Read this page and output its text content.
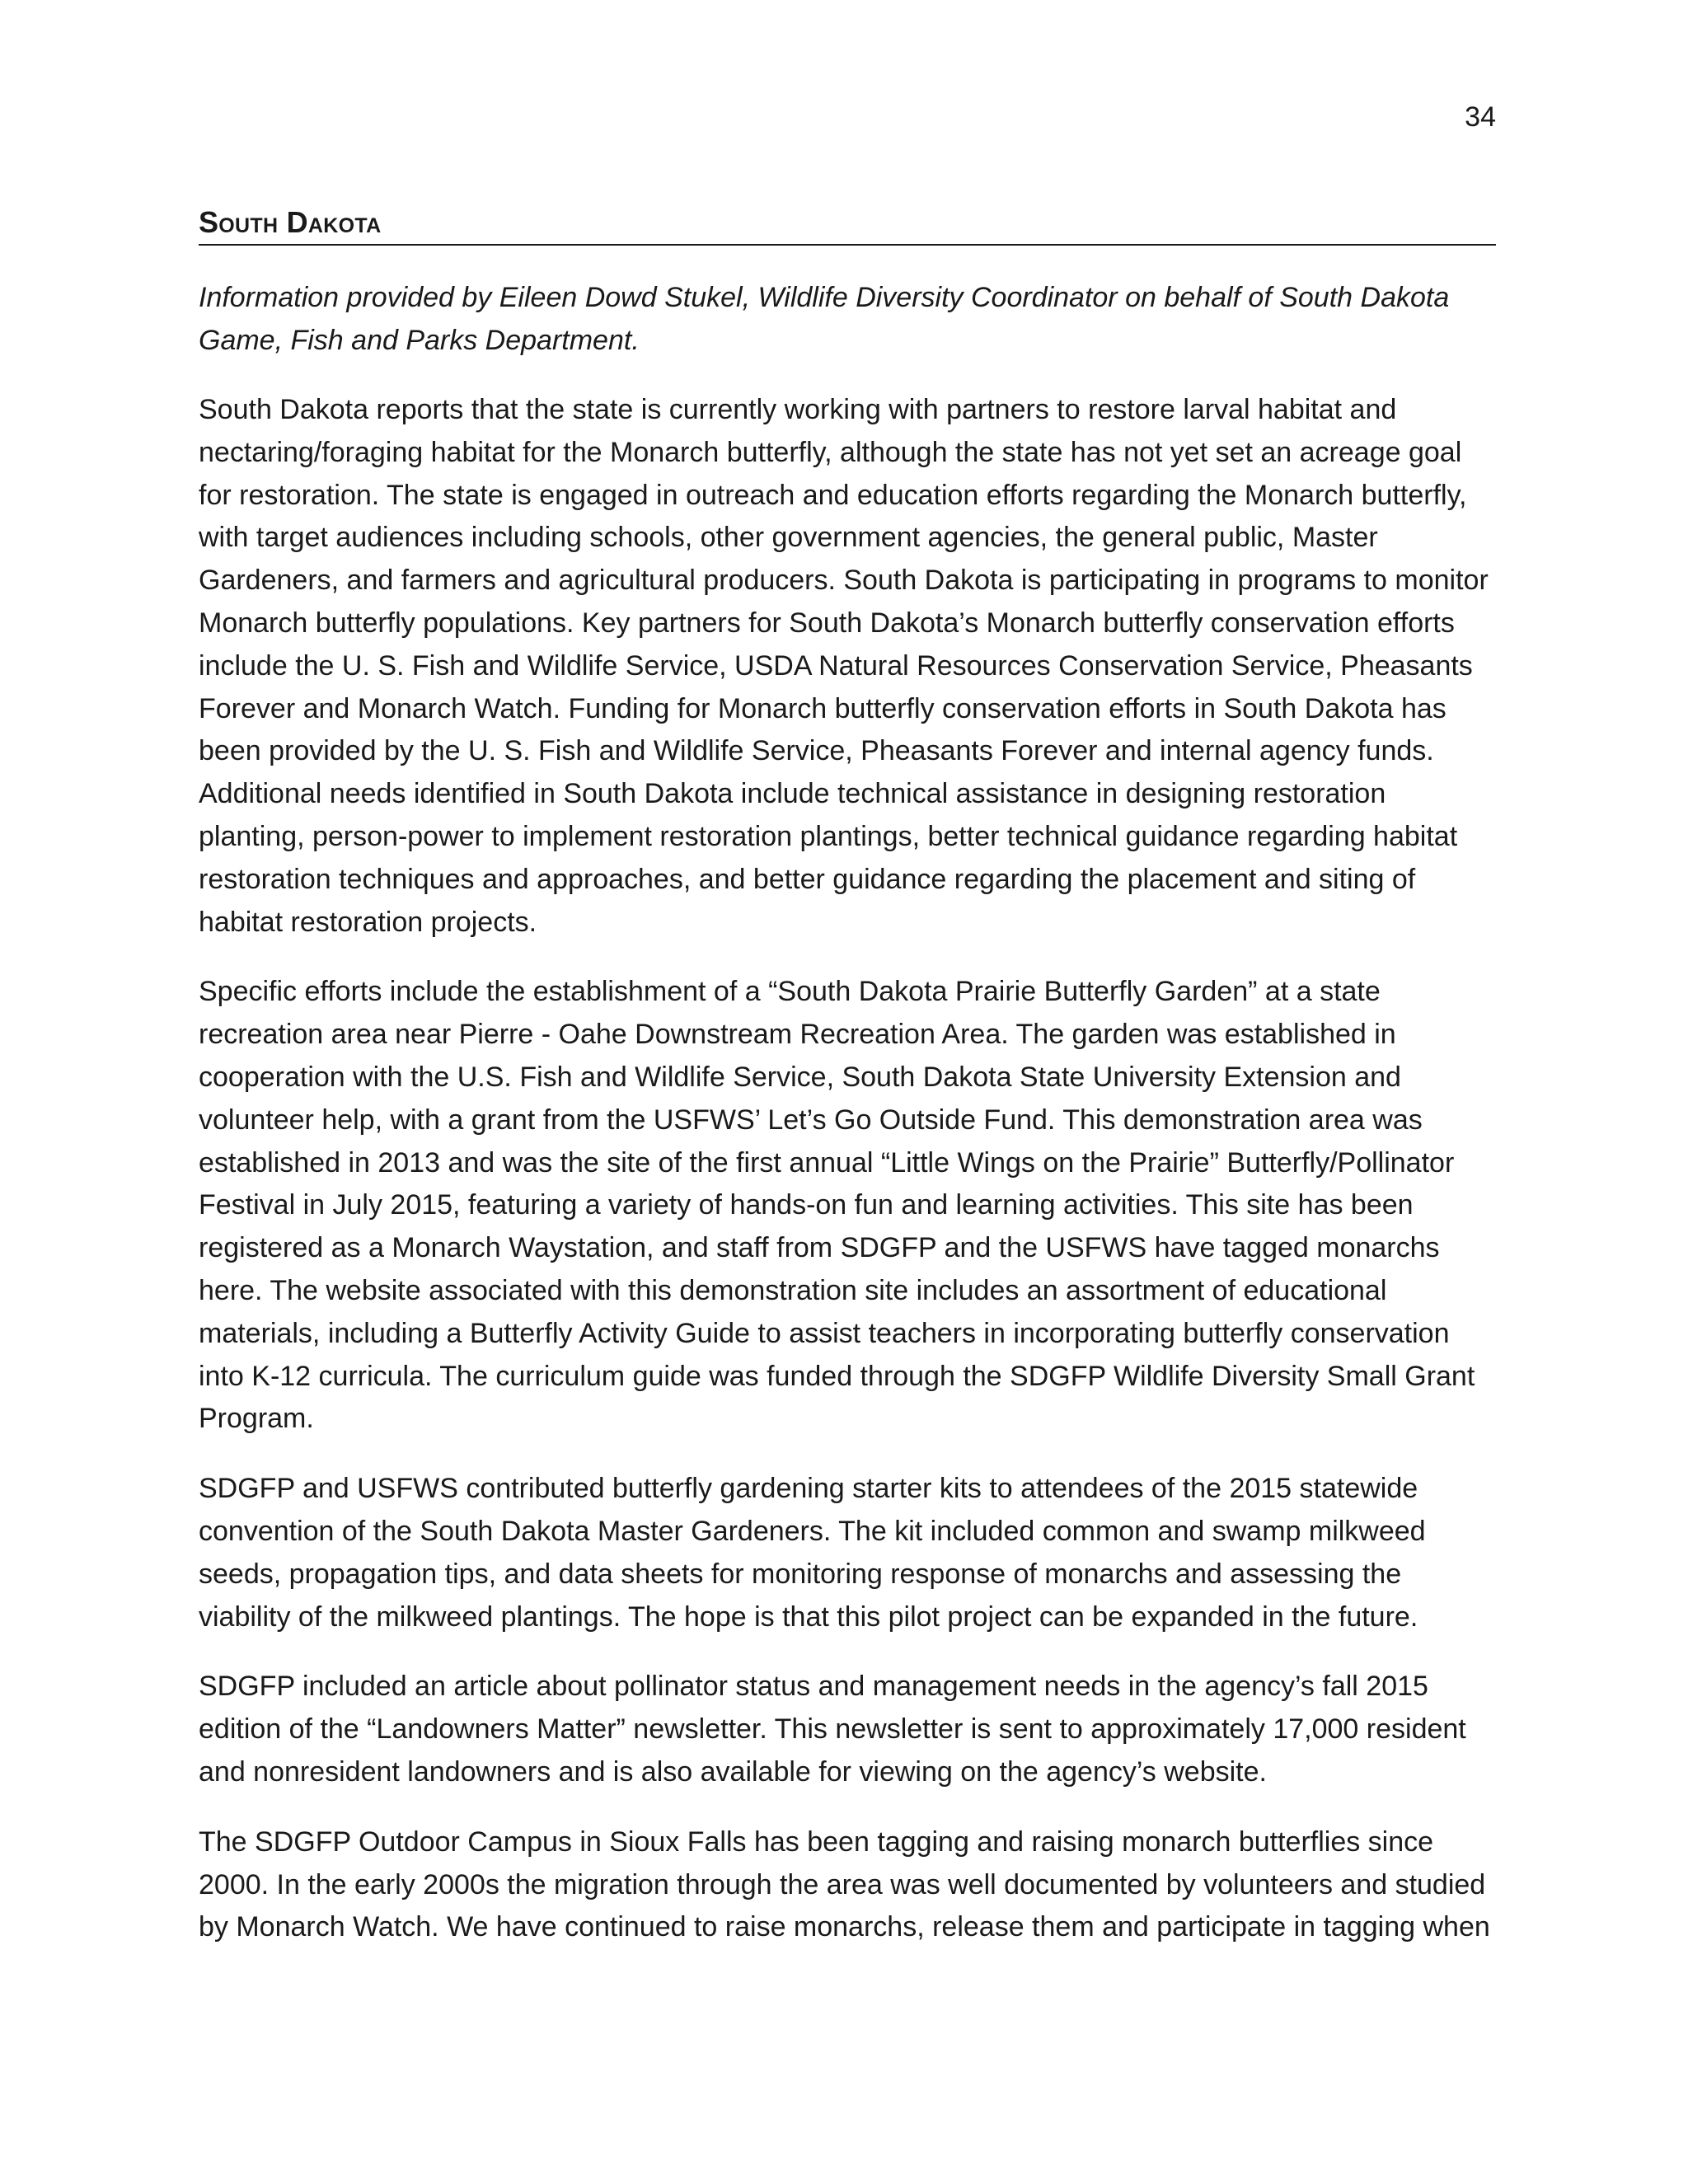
34
South Dakota

Information provided by Eileen Dowd Stukel, Wildlife Diversity Coordinator on behalf of South Dakota Game, Fish and Parks Department.

South Dakota reports that the state is currently working with partners to restore larval habitat and nectaring/foraging habitat for the Monarch butterfly, although the state has not yet set an acreage goal for restoration. The state is engaged in outreach and education efforts regarding the Monarch butterfly, with target audiences including schools, other government agencies, the general public, Master Gardeners, and farmers and agricultural producers. South Dakota is participating in programs to monitor Monarch butterfly populations. Key partners for South Dakota’s Monarch butterfly conservation efforts include the U. S. Fish and Wildlife Service, USDA Natural Resources Conservation Service, Pheasants Forever and Monarch Watch. Funding for Monarch butterfly conservation efforts in South Dakota has been provided by the U. S. Fish and Wildlife Service, Pheasants Forever and internal agency funds. Additional needs identified in South Dakota include technical assistance in designing restoration planting, person-power to implement restoration plantings, better technical guidance regarding habitat restoration techniques and approaches, and better guidance regarding the placement and siting of habitat restoration projects.

Specific efforts include the establishment of a “South Dakota Prairie Butterfly Garden” at a state recreation area near Pierre - Oahe Downstream Recreation Area. The garden was established in cooperation with the U.S. Fish and Wildlife Service, South Dakota State University Extension and volunteer help, with a grant from the USFWS’ Let’s Go Outside Fund. This demonstration area was established in 2013 and was the site of the first annual “Little Wings on the Prairie” Butterfly/Pollinator Festival in July 2015, featuring a variety of hands-on fun and learning activities. This site has been registered as a Monarch Waystation, and staff from SDGFP and the USFWS have tagged monarchs here. The website associated with this demonstration site includes an assortment of educational materials, including a Butterfly Activity Guide to assist teachers in incorporating butterfly conservation into K-12 curricula. The curriculum guide was funded through the SDGFP Wildlife Diversity Small Grant Program.

SDGFP and USFWS contributed butterfly gardening starter kits to attendees of the 2015 statewide convention of the South Dakota Master Gardeners. The kit included common and swamp milkweed seeds, propagation tips, and data sheets for monitoring response of monarchs and assessing the viability of the milkweed plantings. The hope is that this pilot project can be expanded in the future.

SDGFP included an article about pollinator status and management needs in the agency’s fall 2015 edition of the “Landowners Matter” newsletter. This newsletter is sent to approximately 17,000 resident and nonresident landowners and is also available for viewing on the agency’s website.

The SDGFP Outdoor Campus in Sioux Falls has been tagging and raising monarch butterflies since 2000. In the early 2000s the migration through the area was well documented by volunteers and studied by Monarch Watch. We have continued to raise monarchs, release them and participate in tagging when
